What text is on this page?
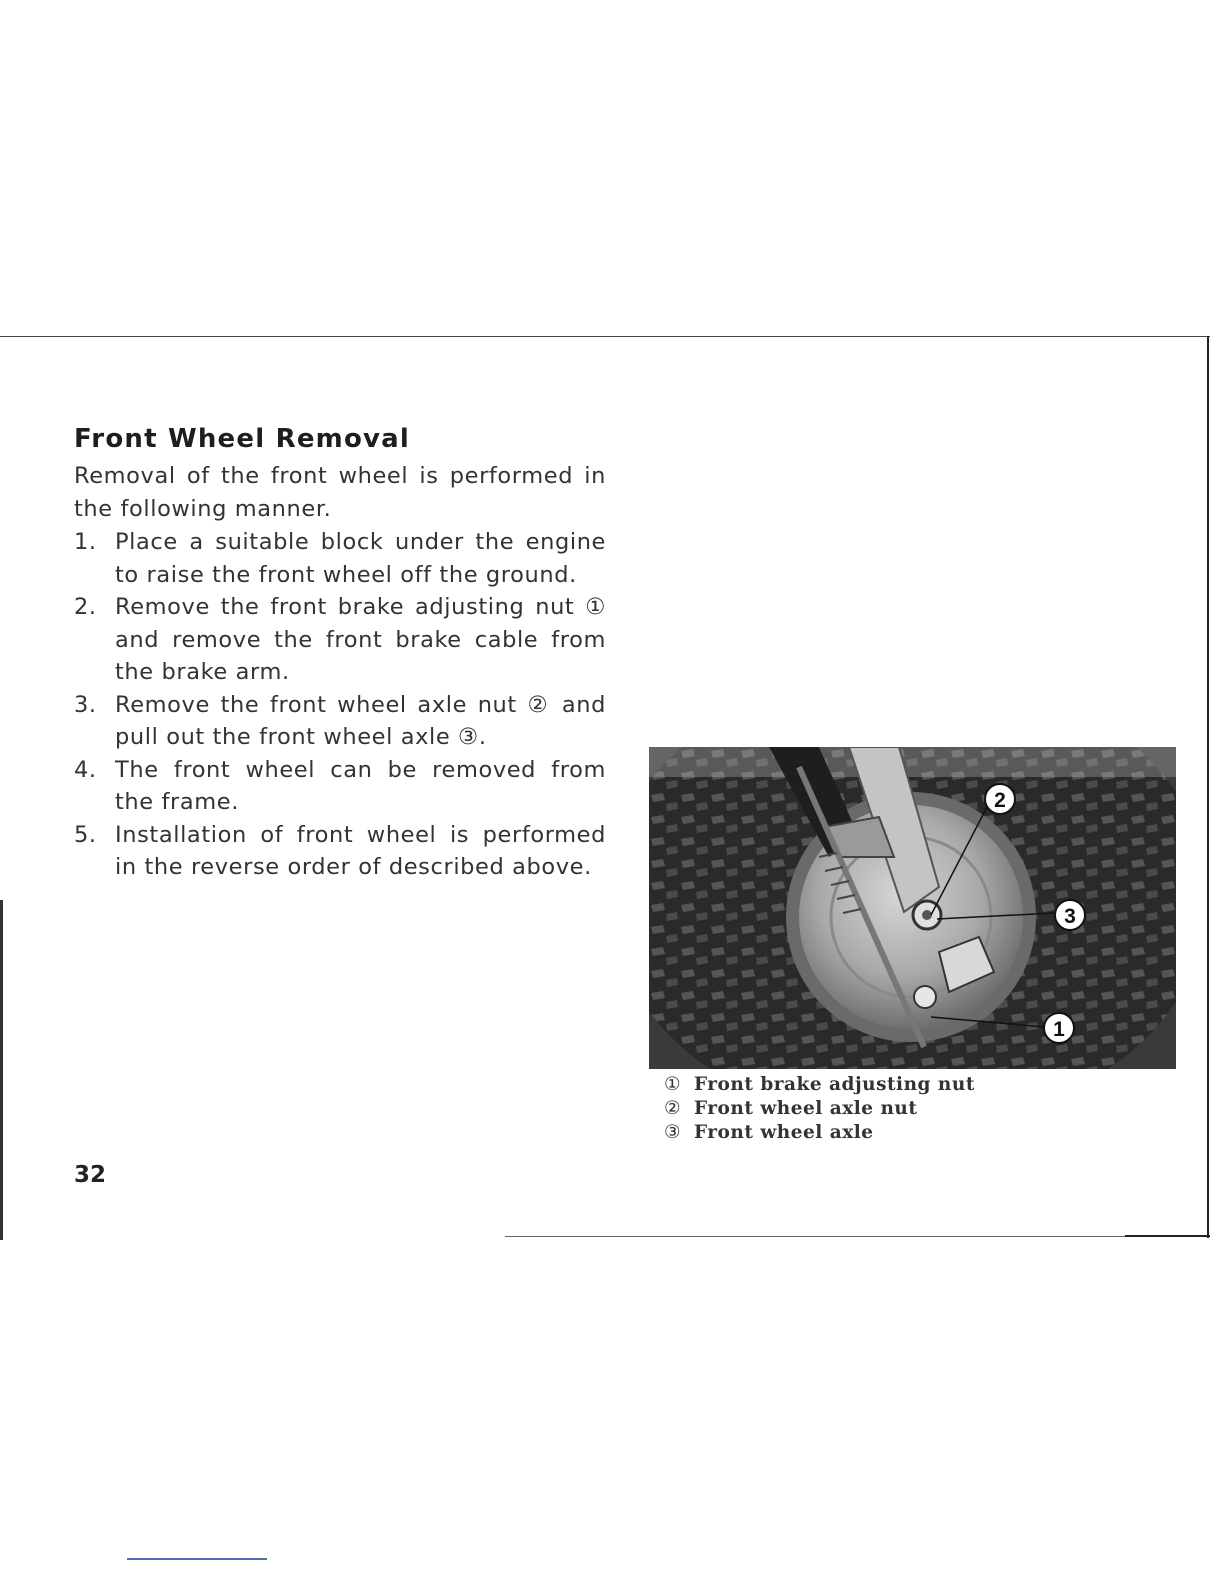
Front Wheel Removal

Removal of the front wheel is performed in the following manner.

1. Place a suitable block under the engine to raise the front wheel off the ground.
2. Remove the front brake adjusting nut ① and remove the front brake cable from the brake arm.
3. Remove the front wheel axle nut ② and pull out the front wheel axle ③.
4. The front wheel can be removed from the frame.
5. Installation of front wheel is performed in the reverse order of described above.
32
2
3
1
① Front brake adjusting nut
② Front wheel axle nut
③ Front wheel axle
